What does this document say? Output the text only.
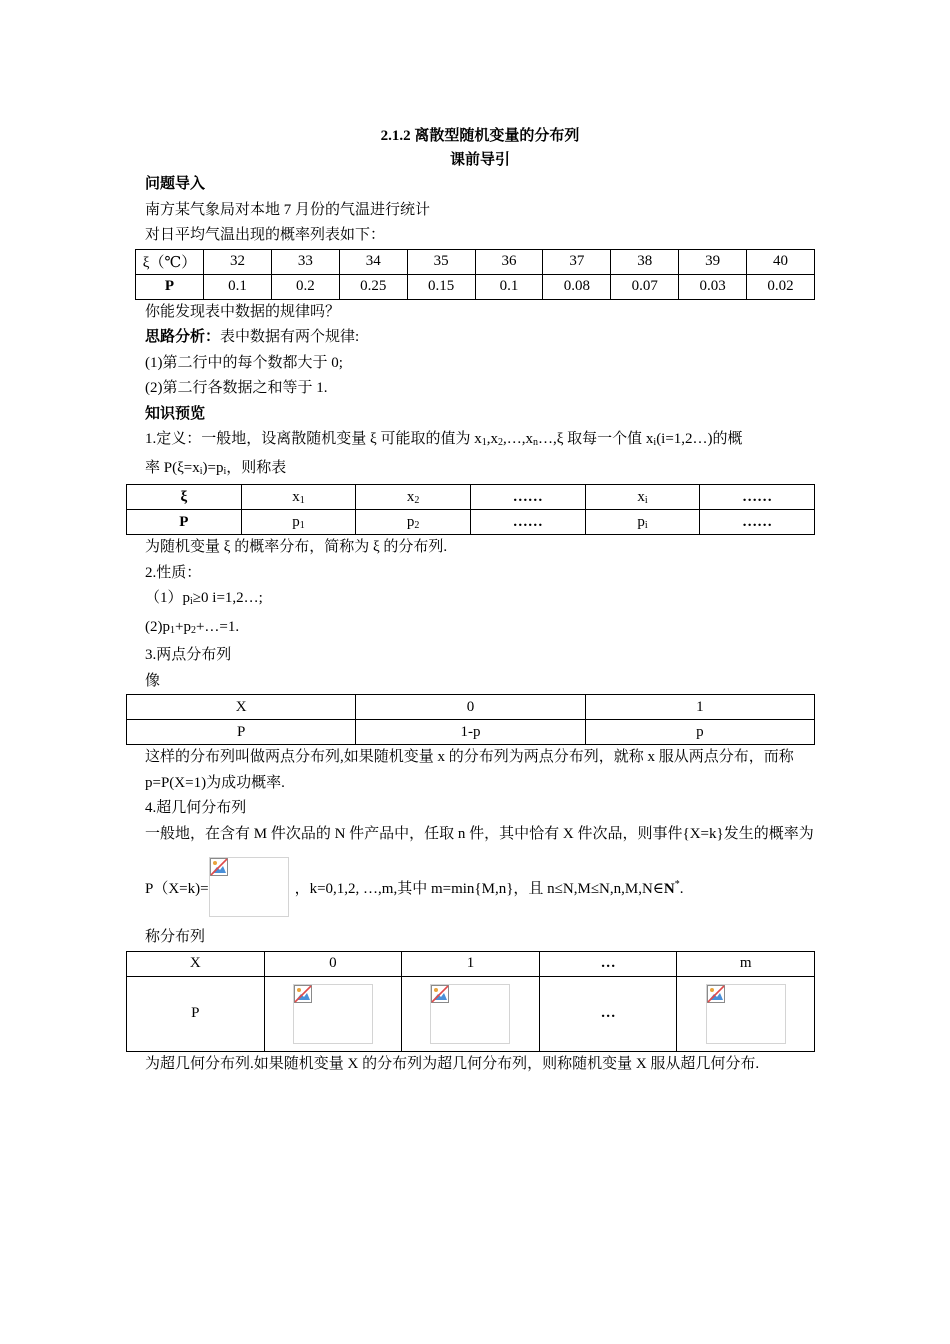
2.1.2 离散型随机变量的分布列
课前导引
问题导入
南方某气象局对本地 7 月份的气温进行统计
对日平均气温出现的概率列表如下：
ξ（℃）	32	33	34	35	36	37	38	39	40
P	0.1	0.2	0.25	0.15	0.1	0.08	0.07	0.03	0.02
你能发现表中数据的规律吗？
思路分析：表中数据有两个规律:
(1)第二行中的每个数都大于 0;
(2)第二行各数据之和等于 1.
知识预览
1.定义：一般地，设离散随机变量 ξ 可能取的值为 $x_1,x_2,\dots,x_n\dots,\xi$ 取每一个值 $x_i(i=1,2\dots)$的概
率 $P(\xi=x_i)=p_i$，则称表
ξ	$x_1$	$x_2$	……	$x_i$	……
P	$p_1$	$p_2$	……	$p_i$	……
为随机变量 ξ 的概率分布，简称为 ξ 的分布列.
2.性质：
$(1)p_i\ge 0$ i=1,2…;
$(2)p_1+p_2+\dots=1$.
3.两点分布列
像
X	0	1
P	1-p	p
这样的分布列叫做两点分布列,如果随机变量 x 的分布列为两点分布列，就称 x 服从两点分布，而称 p=P(X=1)为成功概率.
4.超几何分布列
一般地，在含有 M 件次品的 N 件产品中，任取 n 件，其中恰有 X 件次品，则事件{X=k}发生的概率为
P（X=k)=	，k=0,1,2, …,m,其中 m=min{M,n}，且 n≤N,M≤N,n,M,N∈N*.
称分布列
X	0	1	…	m
P			…	
为超几何分布列.如果随机变量 X 的分布列为超几何分布列，则称随机变量 X 服从超几何分布.
